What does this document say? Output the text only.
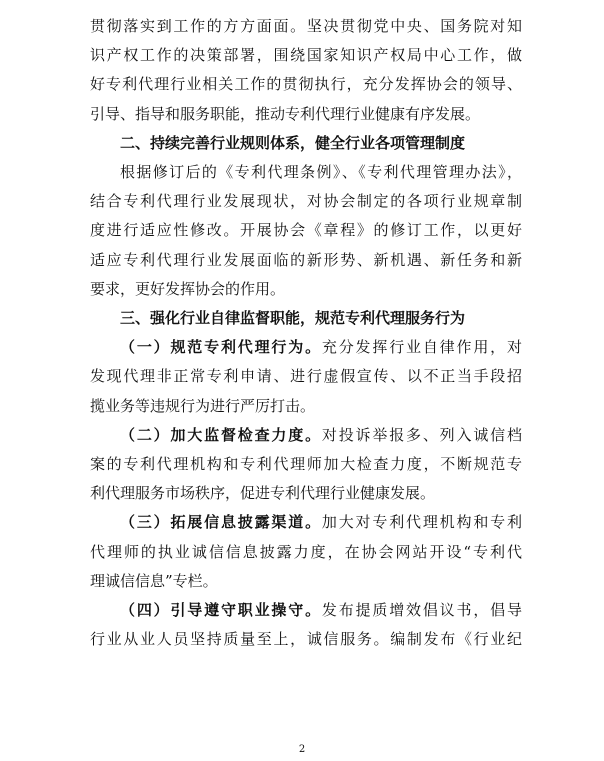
贯彻落实到工作的方方面面。坚决贯彻党中央、国务院对知
识产权工作的决策部署，围绕国家知识产权局中心工作，做
好专利代理行业相关工作的贯彻执行，充分发挥协会的领导、
引导、指导和服务职能，推动专利代理行业健康有序发展。
二、持续完善行业规则体系，健全行业各项管理制度
根据修订后的《专利代理条例》、《专利代理管理办法》，
结合专利代理行业发展现状，对协会制定的各项行业规章制
度进行适应性修改。开展协会《章程》的修订工作，以更好
适应专利代理行业发展面临的新形势、新机遇、新任务和新
要求，更好发挥协会的作用。
三、强化行业自律监督职能，规范专利代理服务行为
（一）规范专利代理行为。充分发挥行业自律作用，对
发现代理非正常专利申请、进行虚假宣传、以不正当手段招
揽业务等违规行为进行严厉打击。
（二）加大监督检查力度。对投诉举报多、列入诚信档
案的专利代理机构和专利代理师加大检查力度，不断规范专
利代理服务市场秩序，促进专利代理行业健康发展。
（三）拓展信息披露渠道。加大对专利代理机构和专利
代理师的执业诚信信息披露力度，在协会网站开设“专利代
理诚信信息”专栏。
（四）引导遵守职业操守。发布提质增效倡议书，倡导
行业从业人员坚持质量至上，诚信服务。编制发布《行业纪
2
